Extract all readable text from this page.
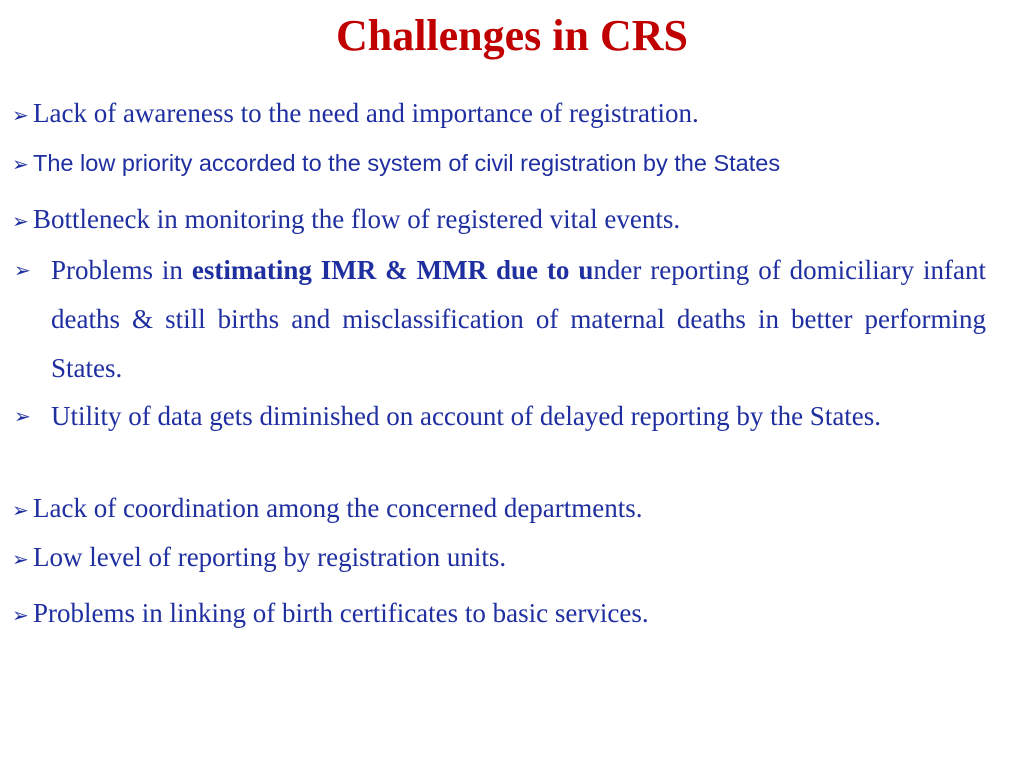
Challenges in CRS
➢ Lack of awareness to the need and importance of registration.
➢ The low priority accorded to the system of civil registration by the States
➢ Bottleneck in monitoring the flow of registered vital events.
➢ Problems in estimating IMR & MMR due to under reporting of domiciliary infant deaths & still births and misclassification of maternal deaths in better performing States.
➢ Utility of data gets diminished on account of delayed reporting by the States.
➢ Lack of coordination among the concerned departments.
➢ Low level of reporting by registration units.
➢ Problems in linking of birth certificates to basic services.
